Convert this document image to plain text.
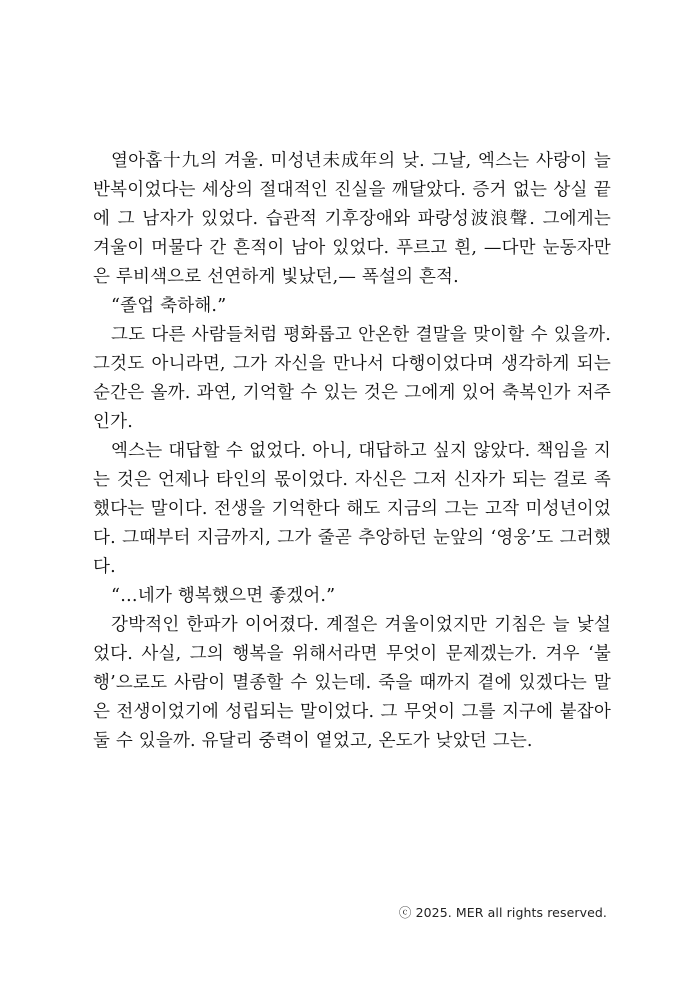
열아홉十九의 겨울. 미성년未成年의 낮. 그날, 엑스는 사랑이 늘 반복이었다는 세상의 절대적인 진실을 깨달았다. 증거 없는 상실 끝에 그 남자가 있었다. 습관적 기후장애와 파랑성波浪聲. 그에게는 겨울이 머물다 간 흔적이 남아 있었다. 푸르고 흰, —다만 눈동자만은 루비색으로 선연하게 빛났던,— 폭설의 흔적.

“졸업 축하해.”

그도 다른 사람들처럼 평화롭고 안온한 결말을 맞이할 수 있을까. 그것도 아니라면, 그가 자신을 만나서 다행이었다며 생각하게 되는 순간은 올까. 과연, 기억할 수 있는 것은 그에게 있어 축복인가 저주인가.

엑스는 대답할 수 없었다. 아니, 대답하고 싶지 않았다. 책임을 지는 것은 언제나 타인의 몫이었다. 자신은 그저 신자가 되는 걸로 족했다는 말이다. 전생을 기억한다 해도 지금의 그는 고작 미성년이었다. 그때부터 지금까지, 그가 줄곧 추앙하던 눈앞의 ‘영웅’도 그러했다.

“…네가 행복했으면 좋겠어.”

강박적인 한파가 이어졌다. 계절은 겨울이었지만 기침은 늘 낯설었다. 사실, 그의 행복을 위해서라면 무엇이 문제겠는가. 겨우 ‘불행’으로도 사람이 멸종할 수 있는데. 죽을 때까지 곁에 있겠다는 말은 전생이었기에 성립되는 말이었다. 그 무엇이 그를 지구에 붙잡아둘 수 있을까. 유달리 중력이 옅었고, 온도가 낮았던 그는.

ⓒ 2025. MER all rights reserved.
